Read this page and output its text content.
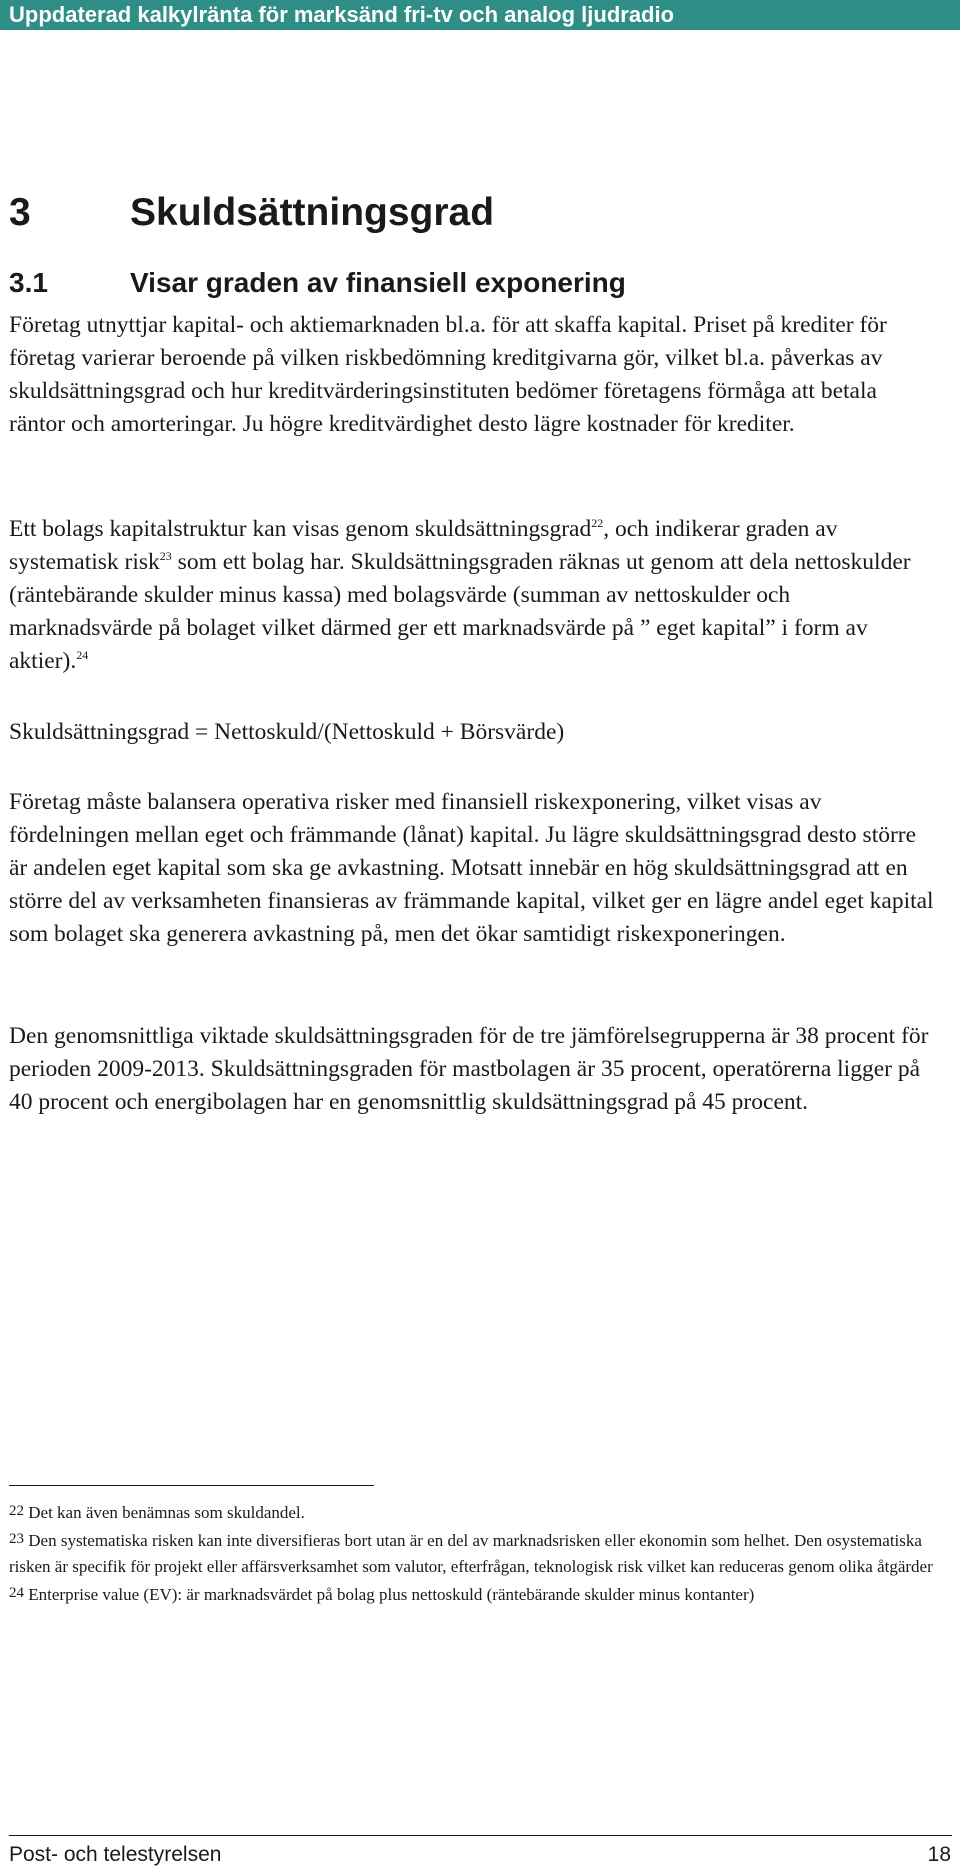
Uppdaterad kalkylränta för marksänd fri-tv och analog ljudradio
3	Skuldsättningsgrad
3.1	Visar graden av finansiell exponering

Företag utnyttjar kapital- och aktiemarknaden bl.a. för att skaffa kapital. Priset på krediter för företag varierar beroende på vilken riskbedömning kreditgivarna gör, vilket bl.a. påverkas av skuldsättningsgrad och hur kreditvärderingsinstituten bedömer företagens förmåga att betala räntor och amorteringar. Ju högre kreditvärdighet desto lägre kostnader för krediter.

Ett bolags kapitalstruktur kan visas genom skuldsättningsgrad$^{22}$, och indikerar graden av systematisk risk$^{23}$ som ett bolag har. Skuldsättningsgraden räknas ut genom att dela nettoskulder (räntebärande skulder minus kassa) med bolagsvärde (summan av nettoskulder och marknadsvärde på bolaget vilket därmed ger ett marknadsvärde på ” eget kapital” i form av aktier).$^{24}$

Skuldsättningsgrad = Nettoskuld/(Nettoskuld + Börsvärde)

Företag måste balansera operativa risker med finansiell riskexponering, vilket visas av fördelningen mellan eget och främmande (lånat) kapital. Ju lägre skuldsättningsgrad desto större är andelen eget kapital som ska ge avkastning. Motsatt innebär en hög skuldsättningsgrad att en större del av verksamheten finansieras av främmande kapital, vilket ger en lägre andel eget kapital som bolaget ska generera avkastning på, men det ökar samtidigt riskexponeringen.

Den genomsnittliga viktade skuldsättningsgraden för de tre jämförelsegrupperna är 38 procent för perioden 2009-2013. Skuldsättningsgraden för mastbolagen är 35 procent, operatörerna ligger på 40 procent och energibolagen har en genomsnittlig skuldsättningsgrad på 45 procent.

22 Det kan även benämnas som skuldandel.

23 Den systematiska risken kan inte diversifieras bort utan är en del av marknadsrisken eller ekonomin som helhet. Den osystematiska risken är specifik för projekt eller affärsverksamhet som valutor, efterfrågan, teknologisk risk vilket kan reduceras genom olika åtgärder

24 Enterprise value (EV): är marknadsvärdet på bolag plus nettoskuld (räntebärande skulder minus kontanter)

Post- och telestyrelsen	18
